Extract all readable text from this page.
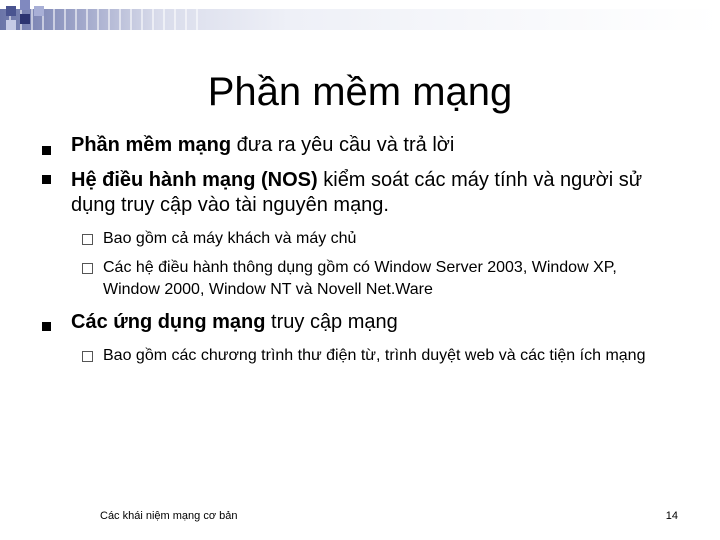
Phần mềm mạng
Phần mềm mạng đưa ra yêu cầu và trả lời
Hệ điều hành mạng (NOS) kiểm soát các máy tính và người sử dụng truy cập vào tài nguyên mạng.
Bao gồm cả máy khách và máy chủ
Các hệ điều hành thông dụng gồm có Window Server 2003, Window XP, Window 2000, Window NT và Novell Net.Ware
Các ứng dụng mạng truy cập mạng
Bao gồm các chương trình thư điện từ, trình duyệt web và các tiện ích mạng
Các khái niệm mạng cơ bản	14
